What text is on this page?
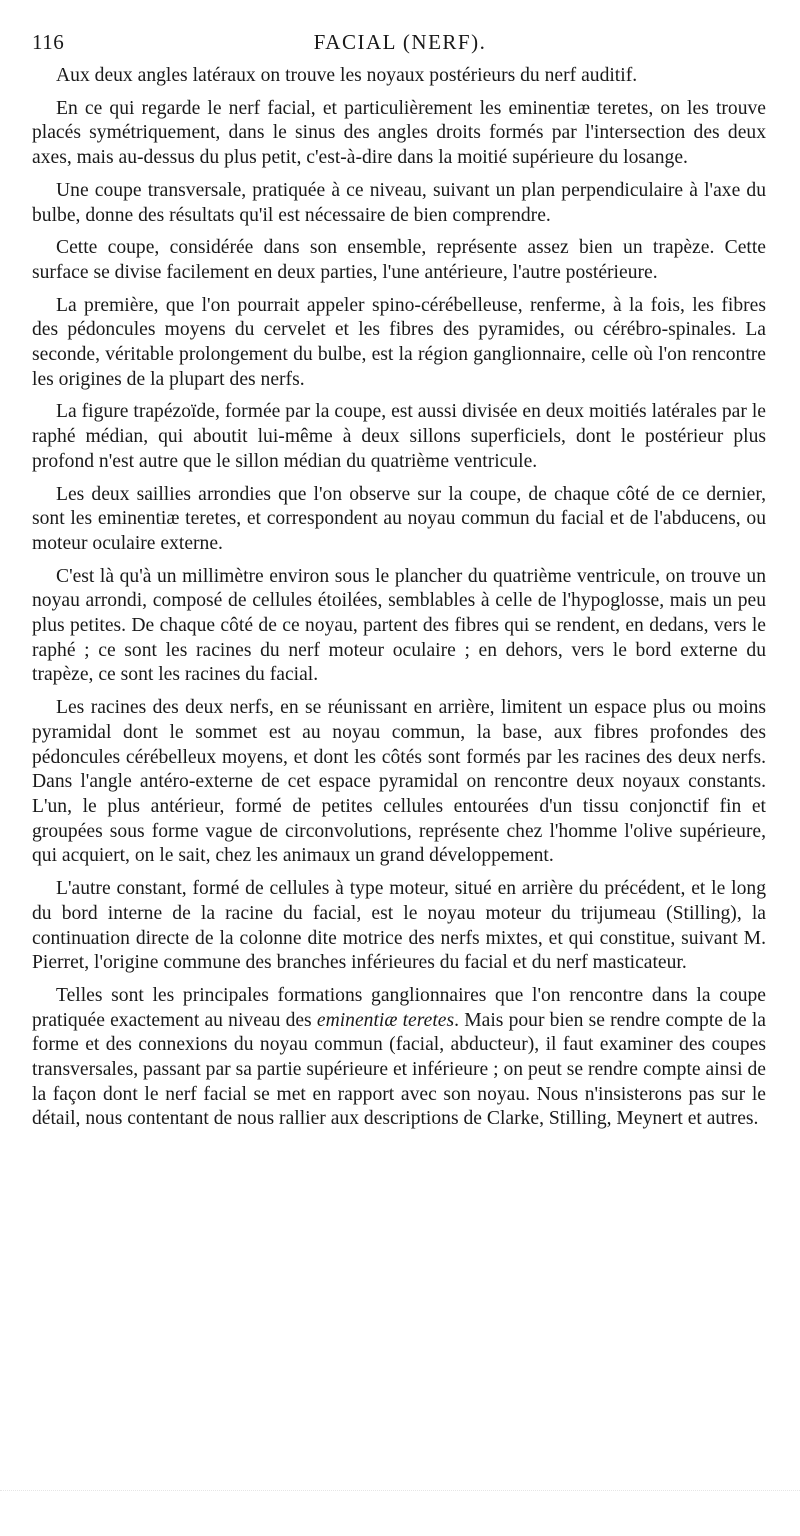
116	FACIAL (NERF).

Aux deux angles latéraux on trouve les noyaux postérieurs du nerf auditif.

En ce qui regarde le nerf facial, et particulièrement les eminentiæ teretes, on les trouve placés symétriquement, dans le sinus des angles droits formés par l'intersection des deux axes, mais au-dessus du plus petit, c'est-à-dire dans la moitié supérieure du losange.

Une coupe transversale, pratiquée à ce niveau, suivant un plan perpendiculaire à l'axe du bulbe, donne des résultats qu'il est nécessaire de bien comprendre.

Cette coupe, considérée dans son ensemble, représente assez bien un trapèze. Cette surface se divise facilement en deux parties, l'une antérieure, l'autre postérieure.

La première, que l'on pourrait appeler spino-cérébelleuse, renferme, à la fois, les fibres des pédoncules moyens du cervelet et les fibres des pyramides, ou cérébro-spinales. La seconde, véritable prolongement du bulbe, est la région ganglionnaire, celle où l'on rencontre les origines de la plupart des nerfs.

La figure trapézoïde, formée par la coupe, est aussi divisée en deux moitiés latérales par le raphé médian, qui aboutit lui-même à deux sillons superficiels, dont le postérieur plus profond n'est autre que le sillon médian du quatrième ventricule.

Les deux saillies arrondies que l'on observe sur la coupe, de chaque côté de ce dernier, sont les eminentiæ teretes, et correspondent au noyau commun du facial et de l'abducens, ou moteur oculaire externe.

C'est là qu'à un millimètre environ sous le plancher du quatrième ventricule, on trouve un noyau arrondi, composé de cellules étoilées, semblables à celle de l'hypoglosse, mais un peu plus petites. De chaque côté de ce noyau, partent des fibres qui se rendent, en dedans, vers le raphé ; ce sont les racines du nerf moteur oculaire ; en dehors, vers le bord externe du trapèze, ce sont les racines du facial.

Les racines des deux nerfs, en se réunissant en arrière, limitent un espace plus ou moins pyramidal dont le sommet est au noyau commun, la base, aux fibres profondes des pédoncules cérébelleux moyens, et dont les côtés sont formés par les racines des deux nerfs. Dans l'angle antéro-externe de cet espace pyramidal on rencontre deux noyaux constants. L'un, le plus antérieur, formé de petites cellules entourées d'un tissu conjonctif fin et groupées sous forme vague de circonvolutions, représente chez l'homme l'olive supérieure, qui acquiert, on le sait, chez les animaux un grand développement.

L'autre constant, formé de cellules à type moteur, situé en arrière du précédent, et le long du bord interne de la racine du facial, est le noyau moteur du trijumeau (Stilling), la continuation directe de la colonne dite motrice des nerfs mixtes, et qui constitue, suivant M. Pierret, l'origine commune des branches inférieures du facial et du nerf masticateur.

Telles sont les principales formations ganglionnaires que l'on rencontre dans la coupe pratiquée exactement au niveau des eminentiæ teretes. Mais pour bien se rendre compte de la forme et des connexions du noyau commun (facial, abducteur), il faut examiner des coupes transversales, passant par sa partie supérieure et inférieure ; on peut se rendre compte ainsi de la façon dont le nerf facial se met en rapport avec son noyau. Nous n'insisterons pas sur le détail, nous contentant de nous rallier aux descriptions de Clarke, Stilling, Meynert et autres.
